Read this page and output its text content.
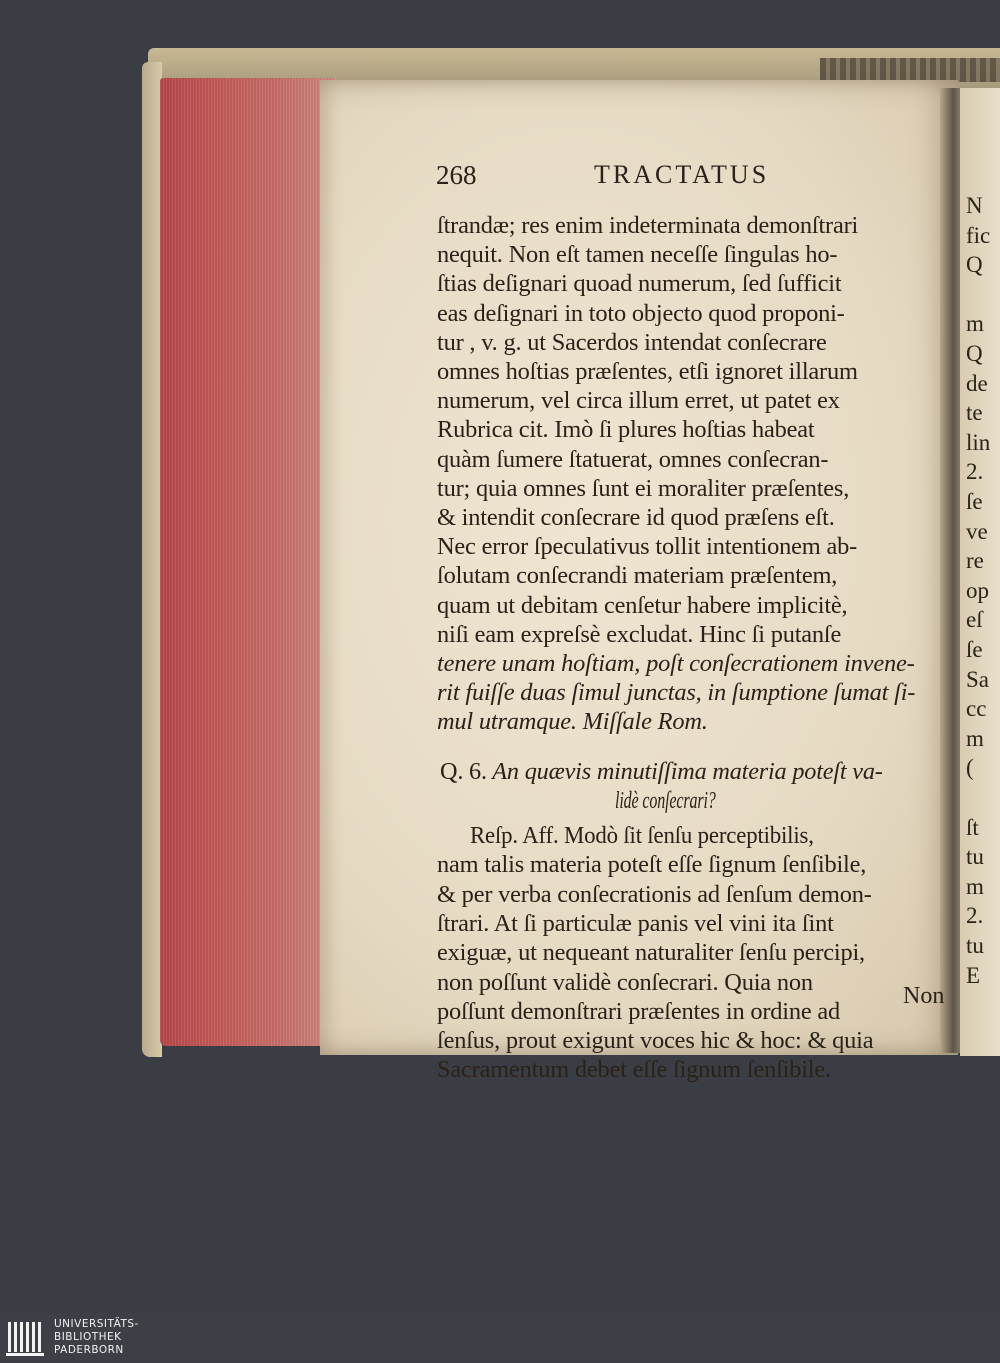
N
fic
Q
m
Q
de
te
lin
2.
ſe
ve
re
op
eſ
ſe
Sa
cc
m
(
ſt
tu
m
2.
tu
E
268	TRACTATUS
ſtrandæ; res enim indeterminata demonſtrari
nequit. Non eſt tamen neceſſe ſingulas ho-
ſtias deſignari quoad numerum, ſed ſufficit
eas deſignari in toto objecto quod proponi-
tur , v. g. ut Sacerdos intendat conſecrare
omnes hoſtias præſentes, etſi ignoret illarum
numerum, vel circa illum erret, ut patet ex
Rubrica cit. Imò ſi plures hoſtias habeat
quàm ſumere ſtatuerat, omnes conſecran-
tur; quia omnes ſunt ei moraliter præſentes,
& intendit conſecrare id quod præſens eſt.
Nec error ſpeculativus tollit intentionem ab-
ſolutam conſecrandi materiam præſentem,
quam ut debitam cenſetur habere implicitè,
niſi eam expreſsè excludat. Hinc ſi putanſe
tenere unam hoſtiam, poſt conſecrationem invene-
rit fuiſſe duas ſimul junctas, in ſumptione ſumat ſi-
mul utramque. Miſſale Rom.
Q. 6. An quævis minutiſſima materia poteſt va-
lidè conſecrari?
Reſp. Aff. Modò ſit ſenſu perceptibilis,
nam talis materia poteſt eſſe ſignum ſenſibile,
& per verba conſecrationis ad ſenſum demon-
ſtrari. At ſi particulæ panis vel vini ita ſint
exiguæ, ut nequeant naturaliter ſenſu percipi,
non poſſunt validè conſecrari. Quia non
poſſunt demonſtrari præſentes in ordine ad
ſenſus, prout exigunt voces hic & hoc: & quia
Sacramentum debet eſſe ſignum ſenſibile.
Non
UNIVERSITÄTS-
BIBLIOTHEK
PADERBORN
